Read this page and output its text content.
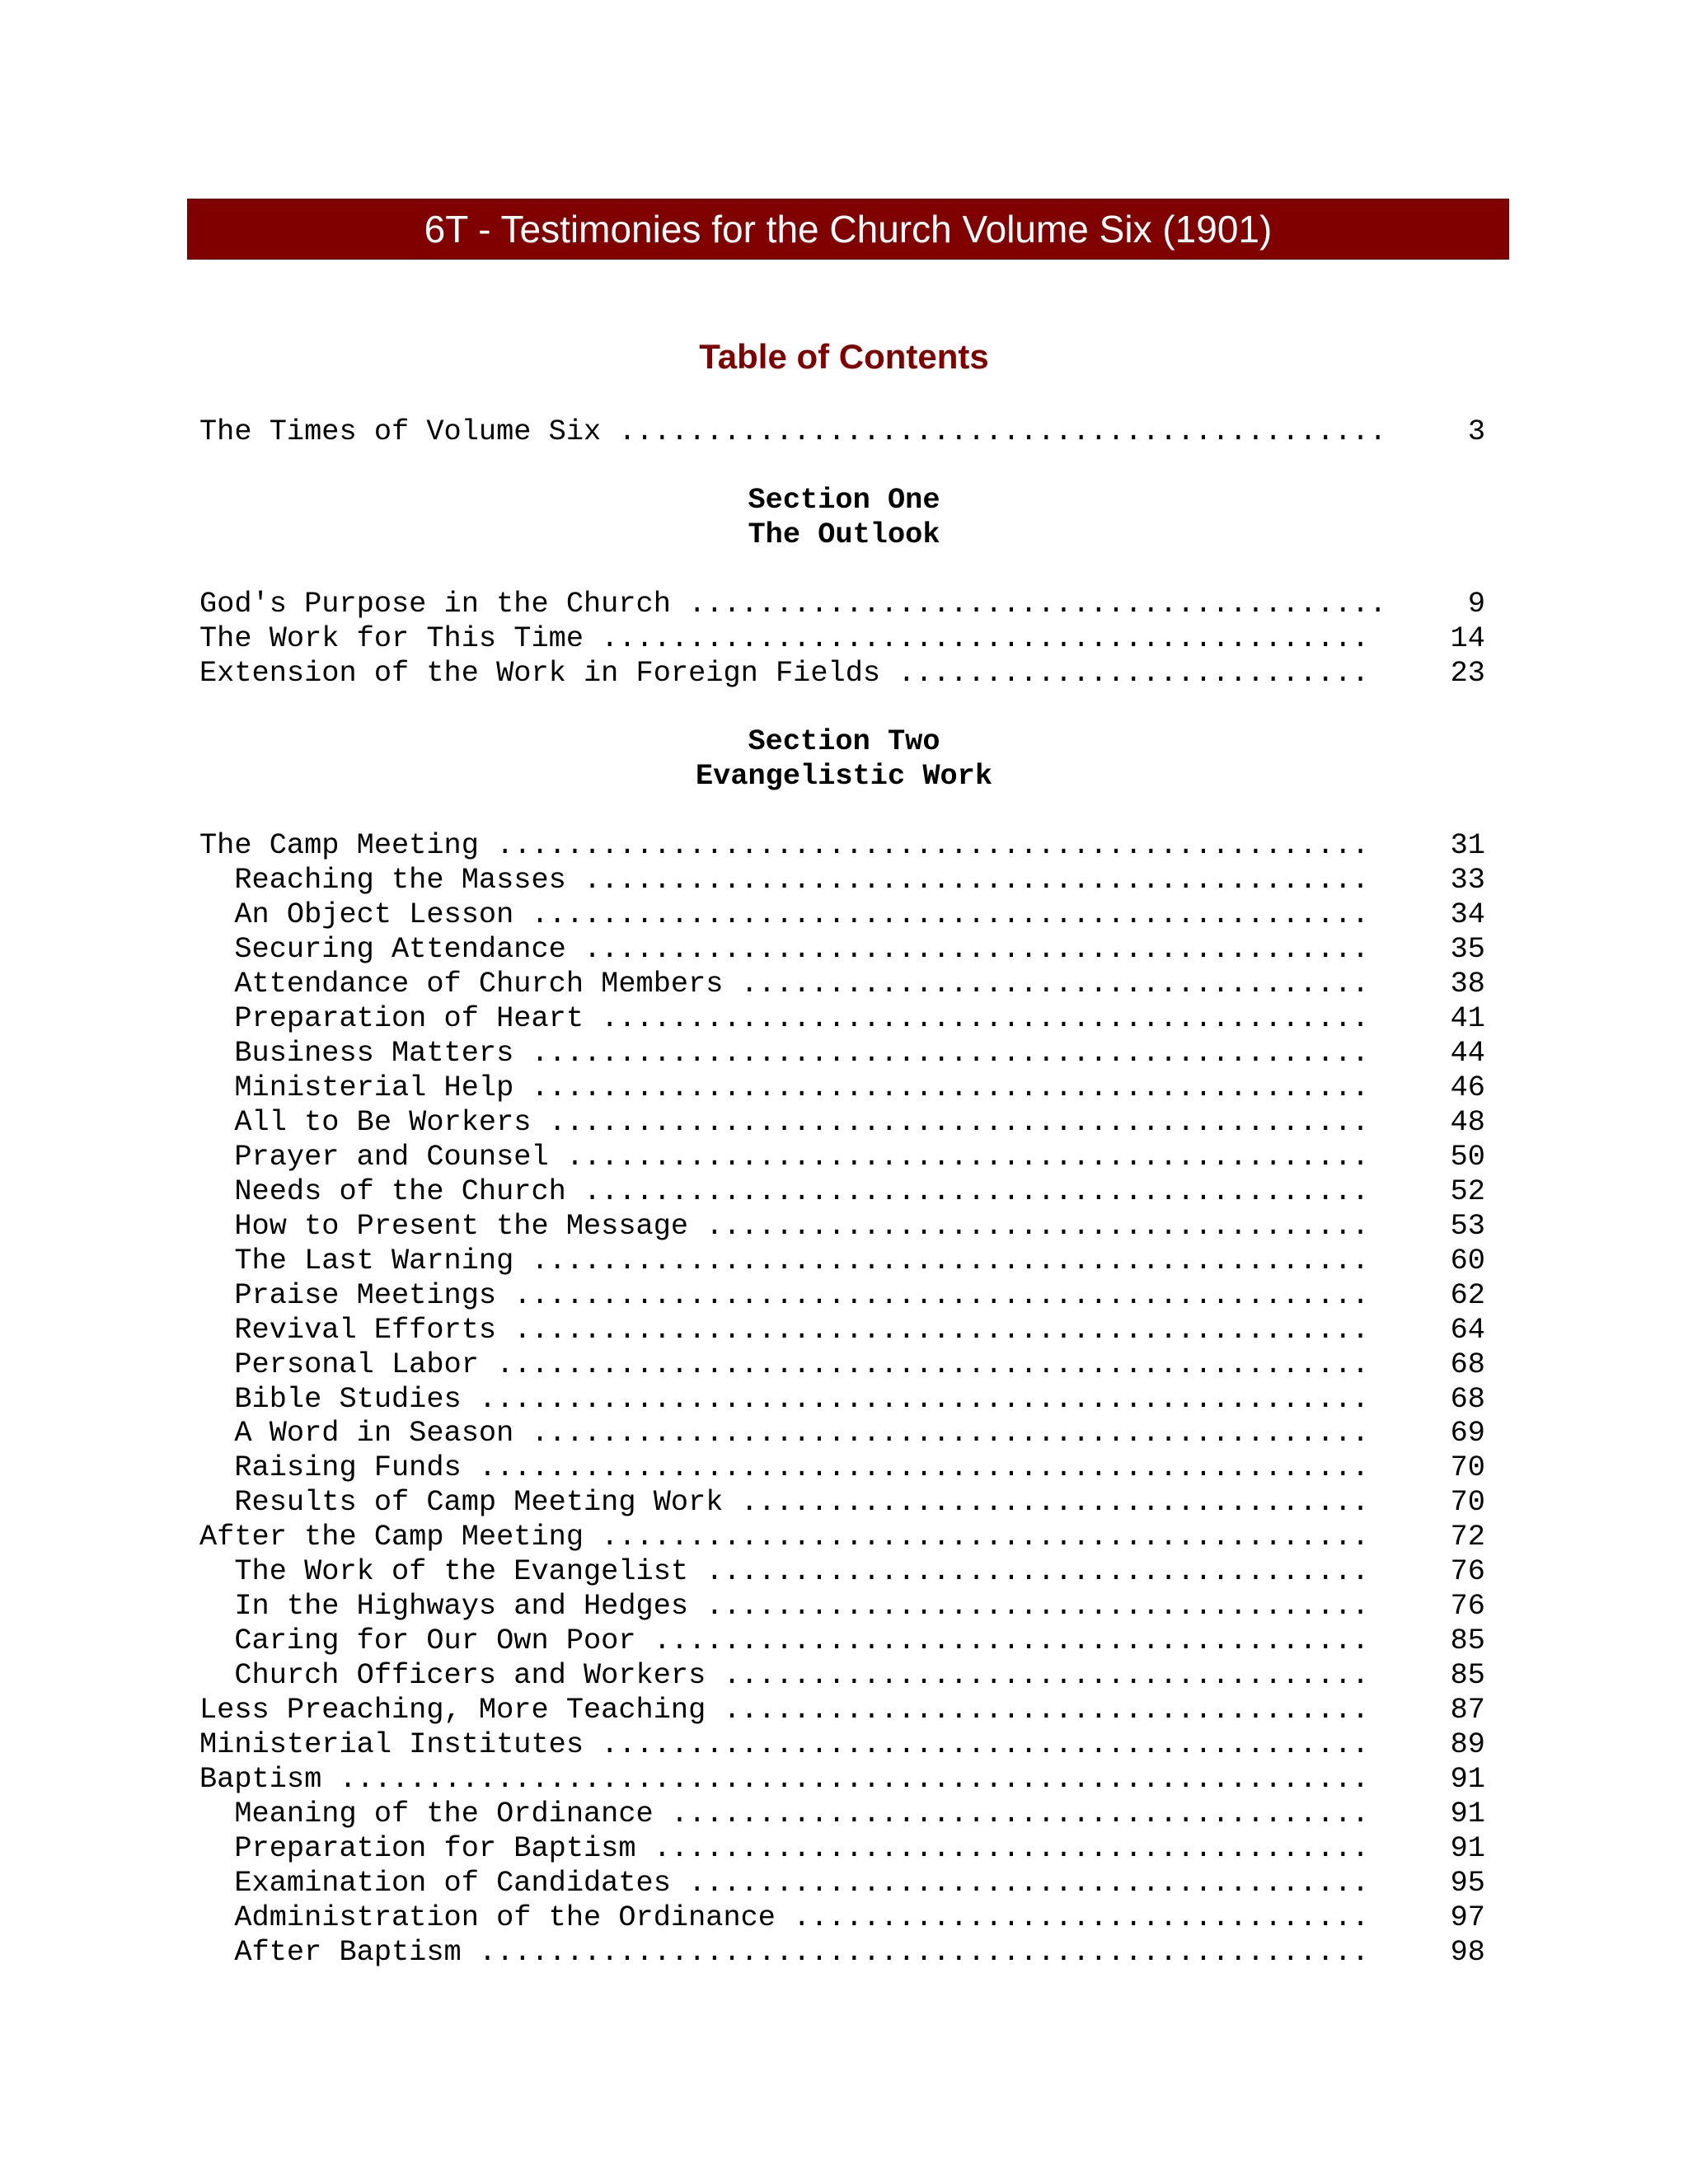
6T - Testimonies for the Church Volume Six (1901)
Table of Contents
Section One
The Outlook
Section Two
Evangelistic Work
The Times of Volume Six ............................................	3
God's Purpose in the Church ........................................	9
The Work for This Time ............................................	14
Extension of the Work in Foreign Fields ...........................	23
The Camp Meeting ..................................................	31
Reaching the Masses .............................................	33
An Object Lesson ................................................	34
Securing Attendance .............................................	35
Attendance of Church Members ....................................	38
Preparation of Heart ............................................	41
Business Matters ................................................	44
Ministerial Help ................................................	46
All to Be Workers ...............................................	48
Prayer and Counsel ..............................................	50
Needs of the Church .............................................	52
How to Present the Message ......................................	53
The Last Warning ................................................	60
Praise Meetings .................................................	62
Revival Efforts .................................................	64
Personal Labor ..................................................	68
Bible Studies ...................................................	68
A Word in Season ................................................	69
Raising Funds ...................................................	70
Results of Camp Meeting Work ....................................	70
After the Camp Meeting ............................................	72
The Work of the Evangelist ......................................	76
In the Highways and Hedges ......................................	76
Caring for Our Own Poor .........................................	85
Church Officers and Workers .....................................	85
Less Preaching, More Teaching .....................................	87
Ministerial Institutes ............................................	89
Baptism ...........................................................	91
Meaning of the Ordinance ........................................	91
Preparation for Baptism .........................................	91
Examination of Candidates .......................................	95
Administration of the Ordinance .................................	97
After Baptism ...................................................	98
